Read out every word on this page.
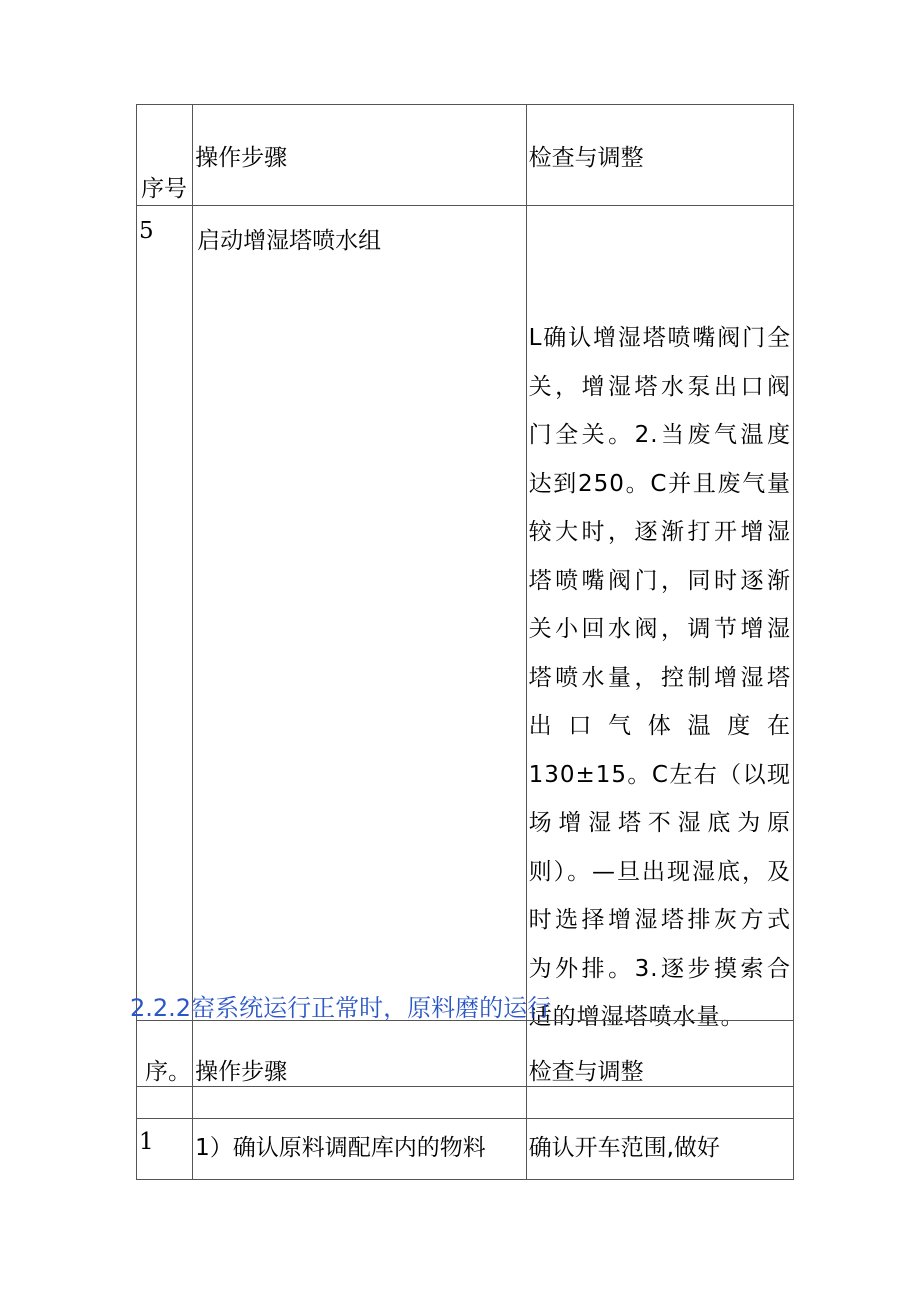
序号	操作步骤	检查与调整
5	启动增湿塔喷水组	L确认增湿塔喷嘴阀门全关，增湿塔水泵出口阀门全关。2.当废气温度达到250。C并且废气量较大时，逐渐打开增湿塔喷嘴阀门，同时逐渐关小回水阀，调节增湿塔喷水量，控制增湿塔出口气体温度在130±15。C左右（以现场增湿塔不湿底为原则）。—旦出现湿底，及时选择增湿塔排灰方式为外排。3.逐步摸索合适的增湿塔喷水量。
2.2.2窑系统运行正常时，原料磨的运行
序。	操作步骤	检查与调整
1	1）确认原料调配库内的物料	确认开车范围,做好
